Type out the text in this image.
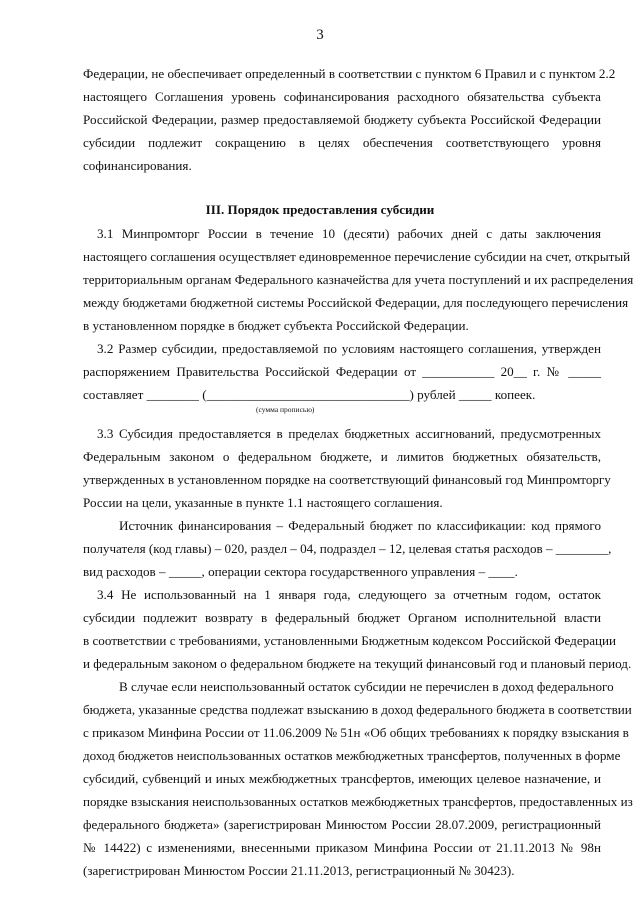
3
Федерации, не обеспечивает определенный в соответствии с пунктом 6 Правил и с пунктом 2.2
настоящего Соглашения уровень софинансирования расходного обязательства субъекта
Российской Федерации, размер предоставляемой бюджету субъекта Российской Федерации
субсидии подлежит сокращению в целях обеспечения соответствующего уровня
софинансирования.
III. Порядок предоставления субсидии
3.1 Минпромторг России в течение 10 (десяти) рабочих дней с даты заключения
настоящего соглашения осуществляет единовременное перечисление субсидии на счет, открытый
территориальным органам Федерального казначейства для учета поступлений и их распределения
между бюджетами бюджетной системы Российской Федерации, для последующего перечисления
в установленном порядке в бюджет субъекта Российской Федерации.
3.2 Размер субсидии, предоставляемой по условиям настоящего соглашения, утвержден
распоряжением Правительства Российской Федерации от ___________ 20__ г. № _____
составляет ________ (_______________________________) рублей _____ копеек.
(сумма прописью)
3.3 Субсидия предоставляется в пределах бюджетных ассигнований, предусмотренных
Федеральным законом о федеральном бюджете, и лимитов бюджетных обязательств,
утвержденных в установленном порядке на соответствующий финансовый год Минпромторгу
России на цели, указанные в пункте 1.1 настоящего соглашения.
Источник финансирования – Федеральный бюджет по классификации: код прямого
получателя (код главы) – 020, раздел – 04, подраздел – 12, целевая статья расходов – ________,
вид расходов – _____, операции сектора государственного управления – ____.
3.4 Не использованный на 1 января года, следующего за отчетным годом, остаток
субсидии подлежит возврату в федеральный бюджет Органом исполнительной власти
в соответствии с требованиями, установленными Бюджетным кодексом Российской Федерации
и федеральным законом о федеральном бюджете на текущий финансовый год и плановый период.
В случае если неиспользованный остаток субсидии не перечислен в доход федерального
бюджета, указанные средства подлежат взысканию в доход федерального бюджета в соответствии
с приказом Минфина России от 11.06.2009 № 51н «Об общих требованиях к порядку взыскания в
доход бюджетов неиспользованных остатков межбюджетных трансфертов, полученных в форме
субсидий, субвенций и иных межбюджетных трансфертов, имеющих целевое назначение, и
порядке взыскания неиспользованных остатков межбюджетных трансфертов, предоставленных из
федерального бюджета» (зарегистрирован Минюстом России 28.07.2009, регистрационный
№ 14422) с изменениями, внесенными приказом Минфина России от 21.11.2013 № 98н
(зарегистрирован Минюстом России 21.11.2013, регистрационный № 30423).
